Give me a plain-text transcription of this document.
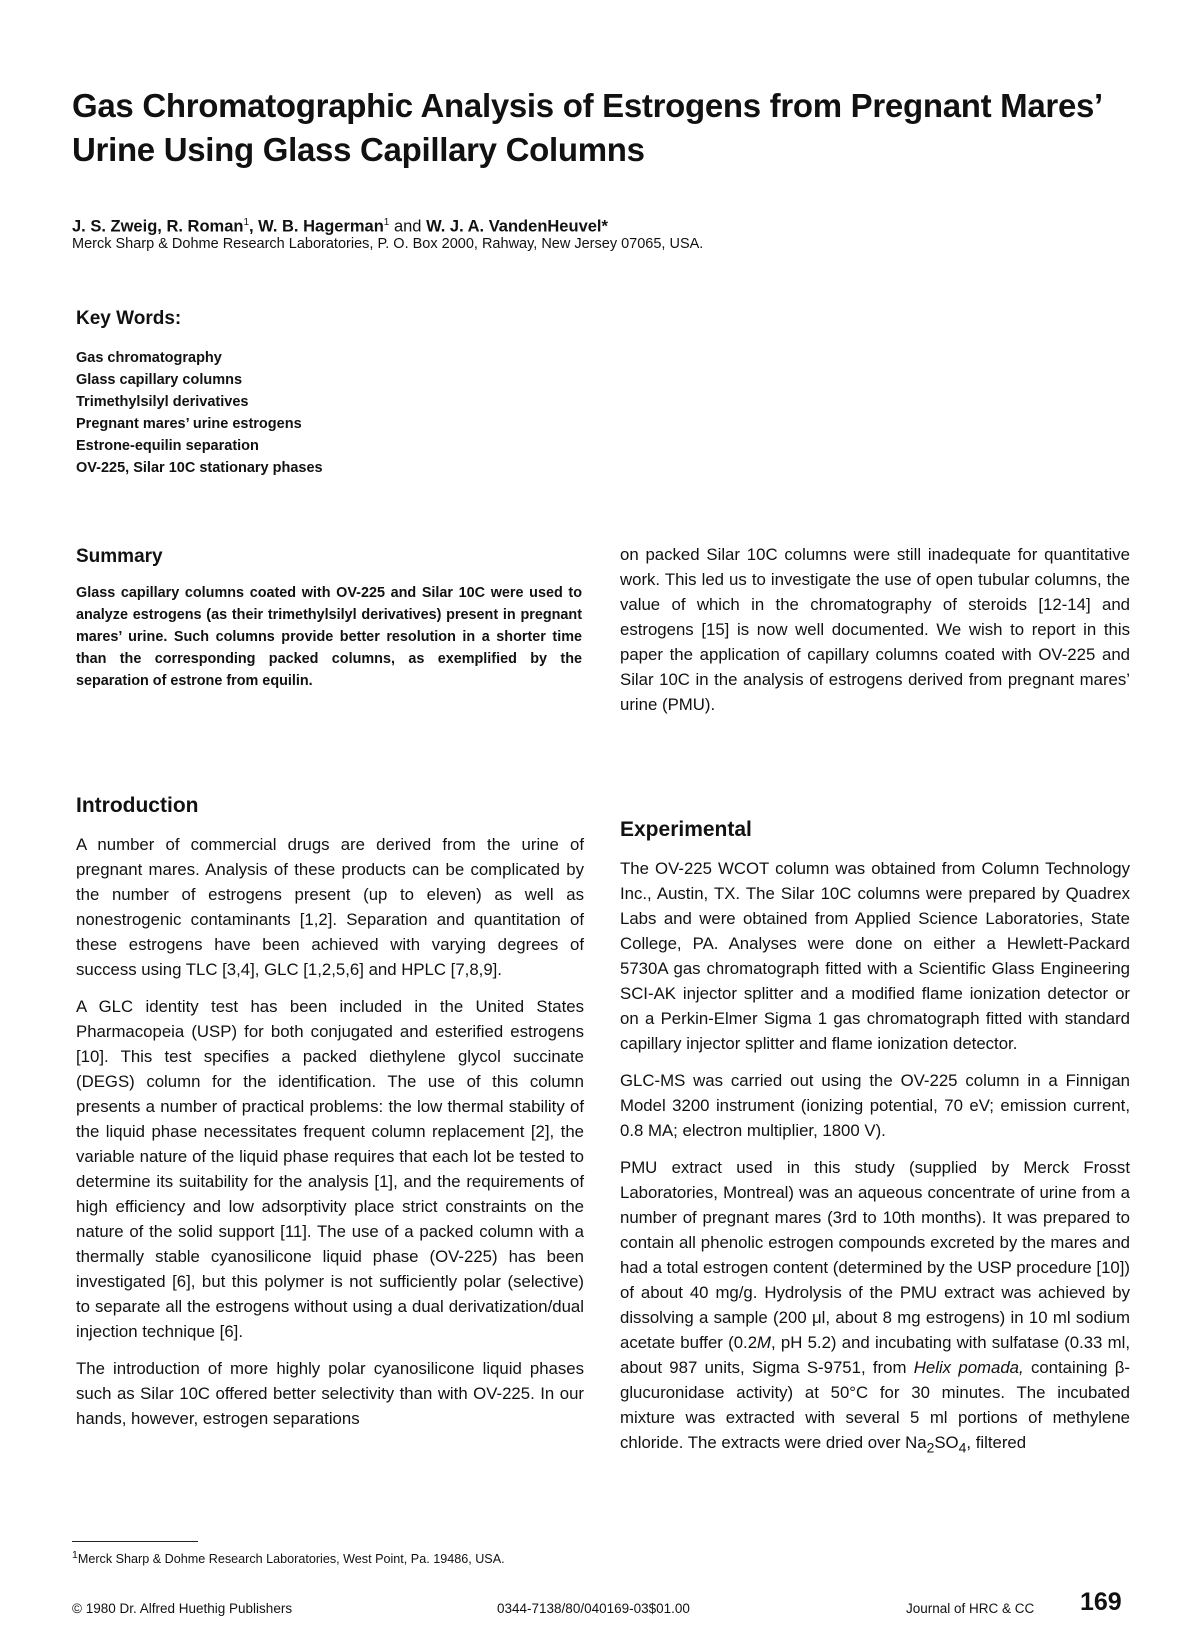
Gas Chromatographic Analysis of Estrogens from Pregnant Mares’ Urine Using Glass Capillary Columns
J. S. Zweig, R. Roman$^1$, W. B. Hagerman$^1$ and W. J. A. VandenHeuvel*
Merck Sharp & Dohme Research Laboratories, P. O. Box 2000, Rahway, New Jersey 07065, USA.
Key Words:
Gas chromatography
Glass capillary columns
Trimethylsilyl derivatives
Pregnant mares’ urine estrogens
Estrone-equilin separation
OV-225, Silar 10C stationary phases
Summary

Glass capillary columns coated with OV-225 and Silar 10C were used to analyze estrogens (as their trimethylsilyl derivatives) present in pregnant mares’ urine. Such columns provide better resolution in a shorter time than the corresponding packed columns, as exemplified by the separation of estrone from equilin.

Introduction

A number of commercial drugs are derived from the urine of pregnant mares. Analysis of these products can be complicated by the number of estrogens present (up to eleven) as well as nonestrogenic contaminants [1,2]. Separation and quantitation of these estrogens have been achieved with varying degrees of success using TLC [3,4], GLC [1,2,5,6] and HPLC [7,8,9].

A GLC identity test has been included in the United States Pharmacopeia (USP) for both conjugated and esterified estrogens [10]. This test specifies a packed diethylene glycol succinate (DEGS) column for the identification. The use of this column presents a number of practical problems: the low thermal stability of the liquid phase necessitates frequent column replacement [2], the variable nature of the liquid phase requires that each lot be tested to determine its suitability for the analysis [1], and the requirements of high efficiency and low adsorptivity place strict constraints on the nature of the solid support [11]. The use of a packed column with a thermally stable cyanosilicone liquid phase (OV-225) has been investigated [6], but this polymer is not sufficiently polar (selective) to separate all the estrogens without using a dual derivatization/dual injection technique [6].

The introduction of more highly polar cyanosilicone liquid phases such as Silar 10C offered better selectivity than with OV-225. In our hands, however, estrogen separations

on packed Silar 10C columns were still inadequate for quantitative work. This led us to investigate the use of open tubular columns, the value of which in the chromatography of steroids [12-14] and estrogens [15] is now well documented. We wish to report in this paper the application of capillary columns coated with OV-225 and Silar 10C in the analysis of estrogens derived from pregnant mares’ urine (PMU).

Experimental

The OV-225 WCOT column was obtained from Column Technology Inc., Austin, TX. The Silar 10C columns were prepared by Quadrex Labs and were obtained from Applied Science Laboratories, State College, PA. Analyses were done on either a Hewlett-Packard 5730A gas chromatograph fitted with a Scientific Glass Engineering SCI-AK injector splitter and a modified flame ionization detector or on a Perkin-Elmer Sigma 1 gas chromatograph fitted with standard capillary injector splitter and flame ionization detector.

GLC-MS was carried out using the OV-225 column in a Finnigan Model 3200 instrument (ionizing potential, 70 eV; emission current, 0.8 MA; electron multiplier, 1800 V).

PMU extract used in this study (supplied by Merck Frosst Laboratories, Montreal) was an aqueous concentrate of urine from a number of pregnant mares (3rd to 10th months). It was prepared to contain all phenolic estrogen compounds excreted by the mares and had a total estrogen content (determined by the USP procedure [10]) of about 40 mg/g. Hydrolysis of the PMU extract was achieved by dissolving a sample (200 μl, about 8 mg estrogens) in 10 ml sodium acetate buffer (0.2M, pH 5.2) and incubating with sulfatase (0.33 ml, about 987 units, Sigma S-9751, from Helix pomada, containing β-glucuronidase activity) at 50°C for 30 minutes. The incubated mixture was extracted with several 5 ml portions of methylene chloride. The extracts were dried over $Na_2SO_4$, filtered

$^1$Merck Sharp & Dohme Research Laboratories, West Point, Pa. 19486, USA.
© 1980 Dr. Alfred Huethig Publishers	0344-7138/80/040169-03$01.00	Journal of HRC & CC 169
